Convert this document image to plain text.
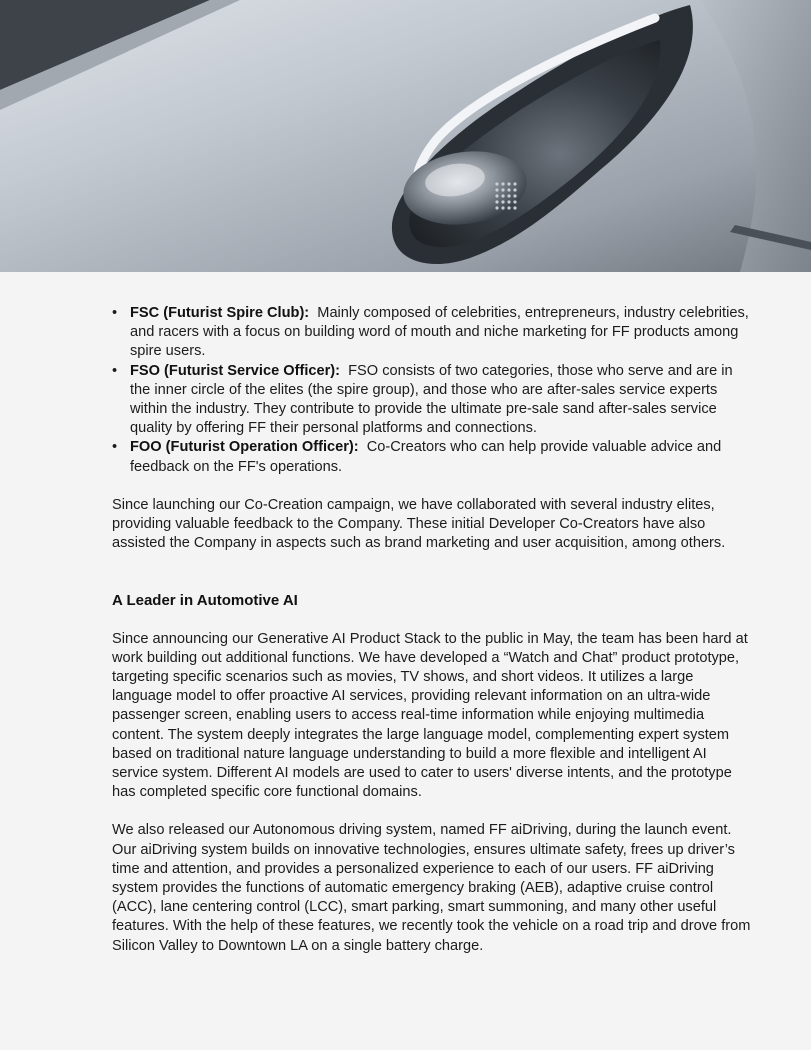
• FSC (Futurist Spire Club): Mainly composed of celebrities, entrepreneurs, industry celebrities, and racers with a focus on building word of mouth and niche marketing for FF products among spire users.
• FSO (Futurist Service Officer): FSO consists of two categories, those who serve and are in the inner circle of the elites (the spire group), and those who are after-sales service experts within the industry. They contribute to provide the ultimate pre-sale sand after-sales service quality by offering FF their personal platforms and connections.
• FOO (Futurist Operation Officer): Co-Creators who can help provide valuable advice and feedback on the FF's operations.

Since launching our Co-Creation campaign, we have collaborated with several industry elites, providing valuable feedback to the Company. These initial Developer Co-Creators have also assisted the Company in aspects such as brand marketing and user acquisition, among others.

A Leader in Automotive AI

Since announcing our Generative AI Product Stack to the public in May, the team has been hard at work building out additional functions. We have developed a “Watch and Chat” product prototype, targeting specific scenarios such as movies, TV shows, and short videos. It utilizes a large language model to offer proactive AI services, providing relevant information on an ultra-wide passenger screen, enabling users to access real-time information while enjoying multimedia content. The system deeply integrates the large language model, complementing expert system based on traditional nature language understanding to build a more flexible and intelligent AI service system. Different AI models are used to cater to users' diverse intents, and the prototype has completed specific core functional domains.

We also released our Autonomous driving system, named FF aiDriving, during the launch event. Our aiDriving system builds on innovative technologies, ensures ultimate safety, frees up driver’s time and attention, and provides a personalized experience to each of our users. FF aiDriving system provides the functions of automatic emergency braking (AEB), adaptive cruise control (ACC), lane centering control (LCC), smart parking, smart summoning, and many other useful features. With the help of these features, we recently took the vehicle on a road trip and drove from Silicon Valley to Downtown LA on a single battery charge.
